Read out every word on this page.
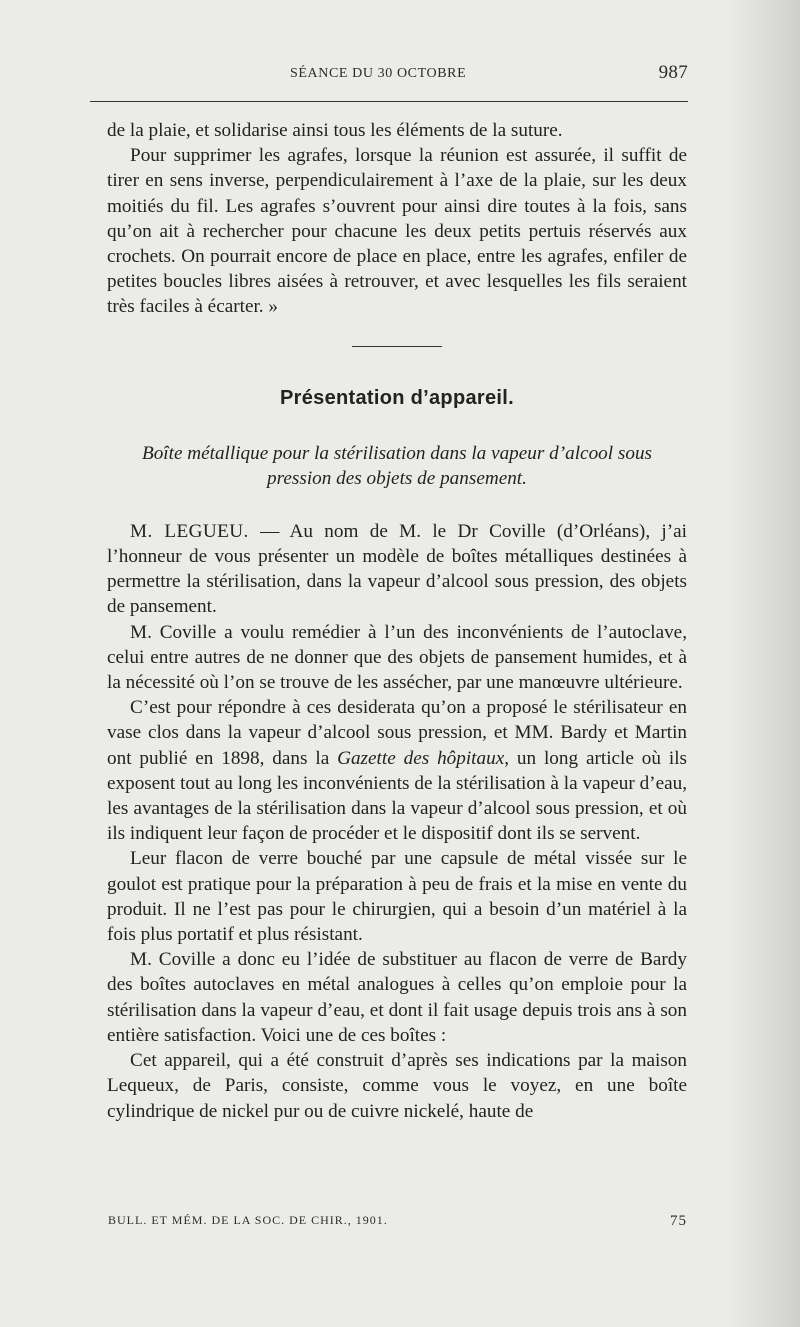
SÉANCE DU 30 OCTOBRE	987

de la plaie, et solidarise ainsi tous les éléments de la suture.

Pour supprimer les agrafes, lorsque la réunion est assurée, il suffit de tirer en sens inverse, perpendiculairement à l’axe de la plaie, sur les deux moitiés du fil. Les agrafes s’ouvrent pour ainsi dire toutes à la fois, sans qu’on ait à rechercher pour chacune les deux petits pertuis réservés aux crochets. On pourrait encore de place en place, entre les agrafes, enfiler de petites boucles libres aisées à retrouver, et avec lesquelles les fils seraient très faciles à écarter. »

Présentation d’appareil.
Boîte métallique pour la stérilisation dans la vapeur d’alcool sous
pression des objets de pansement.

M. LEGUEU. — Au nom de M. le Dr Coville (d’Orléans), j’ai l’honneur de vous présenter un modèle de boîtes métalliques destinées à permettre la stérilisation, dans la vapeur d’alcool sous pression, des objets de pansement.

M. Coville a voulu remédier à l’un des inconvénients de l’autoclave, celui entre autres de ne donner que des objets de pansement humides, et à la nécessité où l’on se trouve de les assécher, par une manœuvre ultérieure.

C’est pour répondre à ces desiderata qu’on a proposé le stérilisateur en vase clos dans la vapeur d’alcool sous pression, et MM. Bardy et Martin ont publié en 1898, dans la Gazette des hôpitaux, un long article où ils exposent tout au long les inconvénients de la stérilisation à la vapeur d’eau, les avantages de la stérilisation dans la vapeur d’alcool sous pression, et où ils indiquent leur façon de procéder et le dispositif dont ils se servent.

Leur flacon de verre bouché par une capsule de métal vissée sur le goulot est pratique pour la préparation à peu de frais et la mise en vente du produit. Il ne l’est pas pour le chirurgien, qui a besoin d’un matériel à la fois plus portatif et plus résistant.

M. Coville a donc eu l’idée de substituer au flacon de verre de Bardy des boîtes autoclaves en métal analogues à celles qu’on emploie pour la stérilisation dans la vapeur d’eau, et dont il fait usage depuis trois ans à son entière satisfaction. Voici une de ces boîtes :

Cet appareil, qui a été construit d’après ses indications par la maison Lequeux, de Paris, consiste, comme vous le voyez, en une boîte cylindrique de nickel pur ou de cuivre nickelé, haute de

BULL. ET MÉM. DE LA SOC. DE CHIR., 1901.	75
